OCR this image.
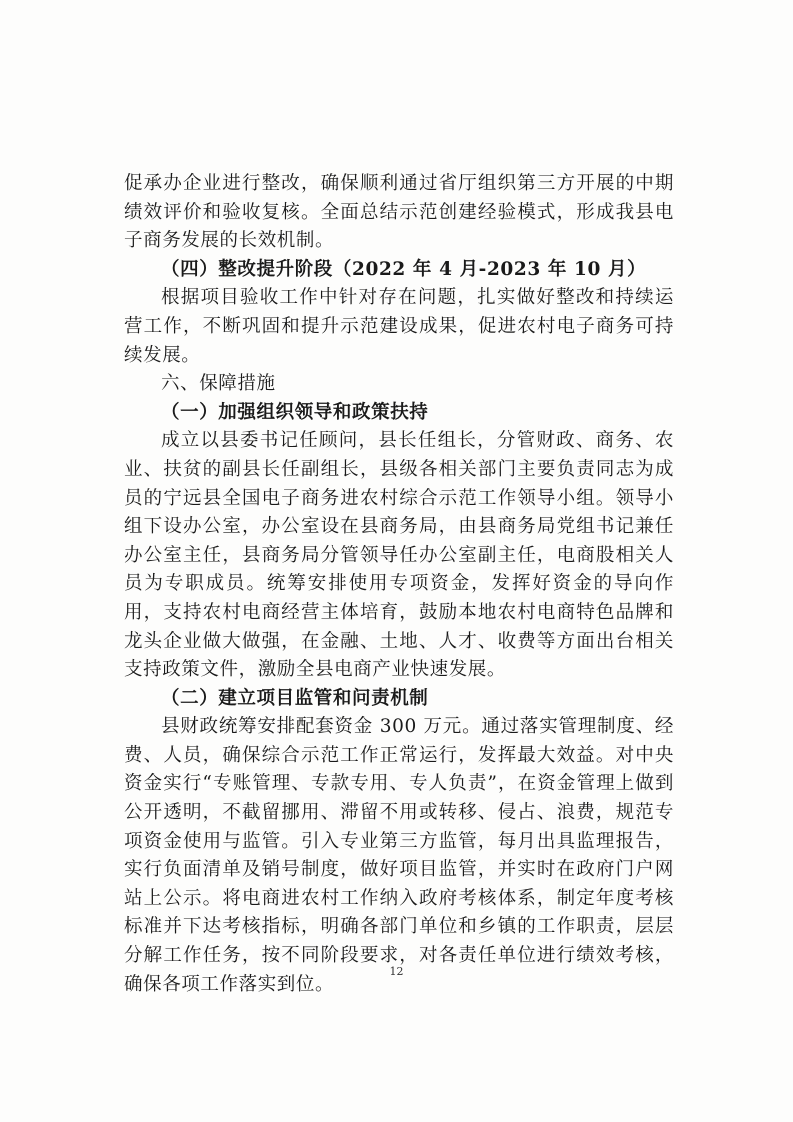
促承办企业进行整改，确保顺利通过省厅组织第三方开展的中期绩效评价和验收复核。全面总结示范创建经验模式，形成我县电子商务发展的长效机制。

（四）整改提升阶段（2022 年 4 月-2023 年 10 月）

根据项目验收工作中针对存在问题，扎实做好整改和持续运营工作，不断巩固和提升示范建设成果，促进农村电子商务可持续发展。

六、保障措施

（一）加强组织领导和政策扶持

成立以县委书记任顾问，县长任组长，分管财政、商务、农业、扶贫的副县长任副组长，县级各相关部门主要负责同志为成员的宁远县全国电子商务进农村综合示范工作领导小组。领导小组下设办公室，办公室设在县商务局，由县商务局党组书记兼任办公室主任，县商务局分管领导任办公室副主任，电商股相关人员为专职成员。统筹安排使用专项资金，发挥好资金的导向作用，支持农村电商经营主体培育，鼓励本地农村电商特色品牌和龙头企业做大做强，在金融、土地、人才、收费等方面出台相关支持政策文件，激励全县电商产业快速发展。

（二）建立项目监管和问责机制

县财政统筹安排配套资金 300 万元。通过落实管理制度、经费、人员，确保综合示范工作正常运行，发挥最大效益。对中央资金实行“专账管理、专款专用、专人负责”，在资金管理上做到公开透明，不截留挪用、滞留不用或转移、侵占、浪费，规范专项资金使用与监管。引入专业第三方监管，每月出具监理报告，实行负面清单及销号制度，做好项目监管，并实时在政府门户网站上公示。将电商进农村工作纳入政府考核体系，制定年度考核标准并下达考核指标，明确各部门单位和乡镇的工作职责，层层分解工作任务，按不同阶段要求，对各责任单位进行绩效考核，确保各项工作落实到位。

12
